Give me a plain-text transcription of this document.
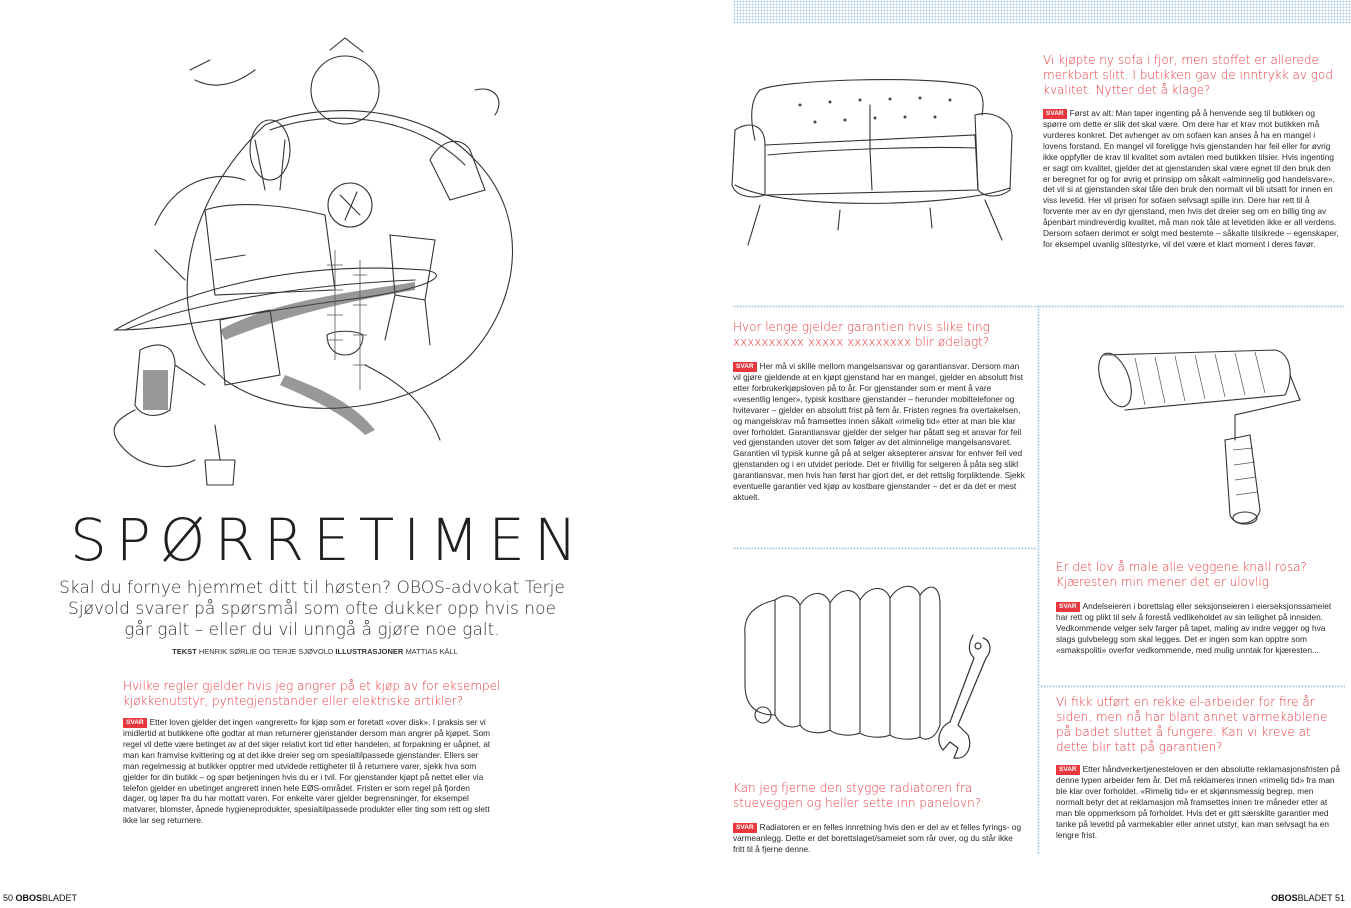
SPØRRETIMEN
Skal du fornye hjemmet ditt til høsten? OBOS-advokat Terje Sjøvold svarer på spørsmål som ofte dukker opp hvis noe går galt – eller du vil unngå å gjøre noe galt.
TEKST HENRIK SØRLIE OG TERJE SJØVOLD ILLUSTRASJONER MATTIAS KÄLL
Hvilke regler gjelder hvis jeg angrer på et kjøp av for eksempel kjøkkenutstyr, pyntegjenstander eller elektriske artikler?
SVAR Etter loven gjelder det ingen «angrerett» for kjøp som er foretatt «over disk». I praksis ser vi imidlertid at butikkene ofte godtar at man returnerer gjenstander dersom man angrer på kjøpet. Som regel vil dette være betinget av at det skjer relativt kort tid etter handelen, at forpakning er uåpnet, at man kan framvise kvittering og at det ikke dreier seg om spesialtilpassede gjenstander. Ellers ser man regelmessig at butikker opptrer med utvidede rettigheter til å returnere varer, sjekk hva som gjelder for din butikk – og spør betjeningen hvis du er i tvil. For gjenstander kjøpt på nettet eller via telefon gjelder en ubetinget angrerett innen hele EØS-området. Fristen er som regel på fjorden dager, og løper fra du har mottatt varen. For enkelte varer gjelder begrensninger, for eksempel matvarer, blomster, åpnede hygieneprodukter, spesialtilpassede produkter eller ting som rett og slett ikke lar seg returnere.
50 OBOSBLADET
Vi kjøpte ny sofa i fjor, men stoffet er allerede merkbart slitt. I butikken gav de inntrykk av god kvalitet. Nytter det å klage?
SVAR Først av alt: Man taper ingenting på å henvende seg til butikken og spørre om dette er slik det skal være. Om dere har et krav mot butikken må vurderes konkret. Det avhenger av om sofaen kan anses å ha en mangel i lovens forstand. En mangel vil foreligge hvis gjenstanden har feil eller for øvrig ikke oppfyller de krav til kvalitet som avtalen med butikken tilsier. Hvis ingenting er sagt om kvalitet, gjelder det at gjenstanden skal være egnet til den bruk den er beregnet for og for øvrig et prinsipp om såkalt «alminnelig god handelsvare», det vil si at gjenstanden skal tåle den bruk den normalt vil bli utsatt for innen en viss levetid. Her vil prisen for sofaen selvsagt spille inn. Dere har rett til å forvente mer av en dyr gjenstand, men hvis det dreier seg om en billig ting av åpenbart mindreverdig kvalitet, må man nok tåle at levetiden ikke er all verdens. Dersom sofaen derimot er solgt med bestemte – såkalte tilsikrede – egenskaper, for eksempel uvanlig slitestyrke, vil det være et klart moment i deres favør.
Hvor lenge gjelder garantien hvis slike ting xxxxxxxxxx xxxxx xxxxxxxxx blir ødelagt?
SVAR Her må vi skille mellom mangelsansvar og garantiansvar. Dersom man vil gjøre gjeldende at en kjøpt gjenstand har en mangel, gjelder en absolutt frist etter forbrukerkjøpsloven på to år. For gjenstander som er ment å vare «vesentlig lenger», typisk kostbare gjenstander – herunder mobiltelefoner og hvitevarer – gjelder en absolutt frist på fem år. Fristen regnes fra overtakelsen, og mangelskrav må framsettes innen såkalt «rimelig tid» etter at man ble klar over forholdet. Garantiansvar gjelder der selger har påtatt seg et ansvar for feil ved gjenstanden utover det som følger av det alminnelige mangelsansvaret. Garantien vil typisk kunne gå på at selger aksepterer ansvar for enhver feil ved gjenstanden og i en utvidet periode. Det er frivillig for selgeren å påta seg slikt garantiansvar, men hvis han først har gjort det, er det rettslig forpliktende. Sjekk eventuelle garantier ved kjøp av kostbare gjenstander – det er da det er mest aktuelt.
Er det lov å male alle veggene knall rosa? Kjæresten min mener det er ulovlig.
SVAR Andelseieren i borettslag eller seksjonseieren i eierseksjonssameiet har rett og plikt til selv å forestå vedlikeholdet av sin leilighet på innsiden. Vedkommende velger selv farger på tapet, maling av indre vegger og hva slags gulvbelegg som skal legges. Det er ingen som kan opptre som «smakspoliti» overfor vedkommende, med mulig unntak for kjæresten...
Kan jeg fjerne den stygge radiatoren fra stueveggen og heller sette inn panelovn?
SVAR Radiatoren er en felles innretning hvis den er del av et felles fyrings- og varmeanlegg. Dette er det borettslaget/sameiet som rår over, og du står ikke fritt til å fjerne denne.
Vi fikk utført en rekke el-arbeider for fire år siden, men nå har blant annet varmekablene på badet sluttet å fungere. Kan vi kreve at dette blir tatt på garantien?
SVAR Etter håndverkertjenesteloven er den absolutte reklamasjonsfristen på denne typen arbeider fem år. Det må reklameres innen «rimelig tid» fra man ble klar over forholdet. «Rimelig tid» er et skjønnsmessig begrep, men normalt betyr det at reklamasjon må framsettes innen tre måneder etter at man ble oppmerksom på forholdet. Hvis det er gitt særskilte garantier med tanke på levetid på varmekabler eller annet utstyr, kan man selvsagt ha en lengre frist.
OBOSBLADET 51
